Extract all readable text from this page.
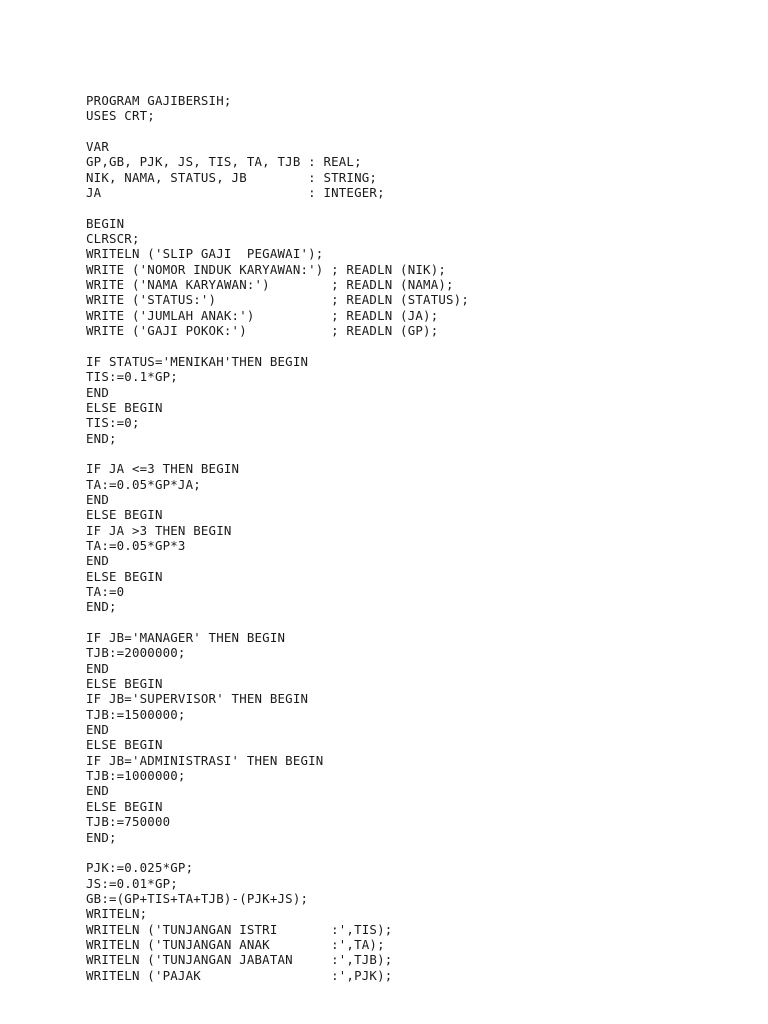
PROGRAM GAJIBERSIH;
USES CRT;
VAR
GP,GB, PJK, JS, TIS, TA, TJB : REAL;
NIK, NAMA, STATUS, JB        : STRING;
JA                           : INTEGER;
BEGIN
CLRSCR;
WRITELN ('SLIP GAJI  PEGAWAI');
WRITE ('NOMOR INDUK KARYAWAN:') ; READLN (NIK);
WRITE ('NAMA KARYAWAN:')        ; READLN (NAMA);
WRITE ('STATUS:')               ; READLN (STATUS);
WRITE ('JUMLAH ANAK:')          ; READLN (JA);
WRITE ('GAJI POKOK:')           ; READLN (GP);
IF STATUS='MENIKAH'THEN BEGIN
TIS:=0.1*GP;
END
ELSE BEGIN
TIS:=0;
END;
IF JA <=3 THEN BEGIN
TA:=0.05*GP*JA;
END
ELSE BEGIN
IF JA >3 THEN BEGIN
TA:=0.05*GP*3
END
ELSE BEGIN
TA:=0
END;
IF JB='MANAGER' THEN BEGIN
TJB:=2000000;
END
ELSE BEGIN
IF JB='SUPERVISOR' THEN BEGIN
TJB:=1500000;
END
ELSE BEGIN
IF JB='ADMINISTRASI' THEN BEGIN
TJB:=1000000;
END
ELSE BEGIN
TJB:=750000
END;
PJK:=0.025*GP;
JS:=0.01*GP;
GB:=(GP+TIS+TA+TJB)-(PJK+JS);
WRITELN;
WRITELN ('TUNJANGAN ISTRI       :',TIS);
WRITELN ('TUNJANGAN ANAK        :',TA);
WRITELN ('TUNJANGAN JABATAN     :',TJB);
WRITELN ('PAJAK                 :',PJK);
